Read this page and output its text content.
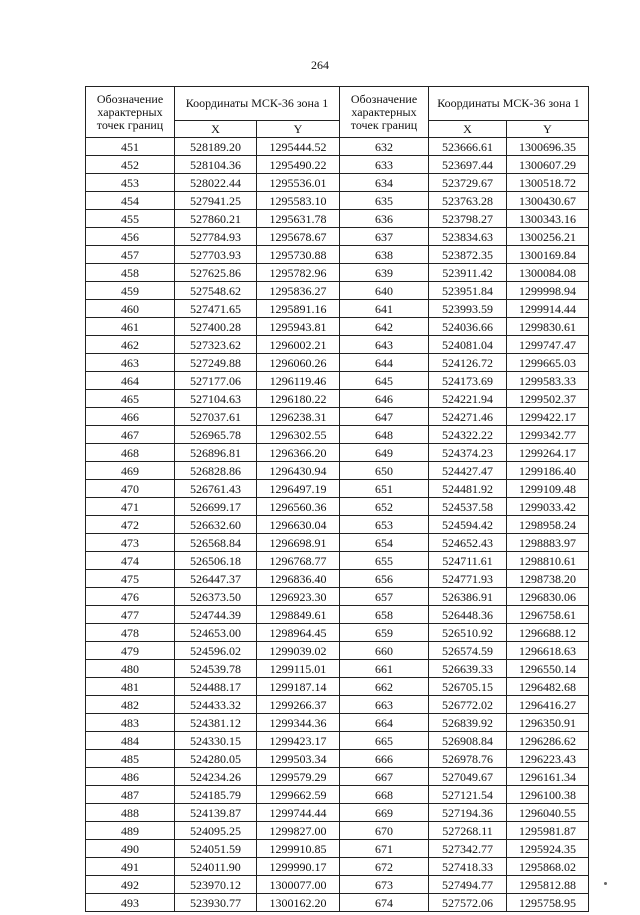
264
Обозначение характерных точек границ	Координаты МСК-36 зона 1		Обозначение характерных точек границ	Координаты МСК-36 зона 1	
	X	Y		X	Y
451	528189.20	1295444.52	632	523666.61	1300696.35
452	528104.36	1295490.22	633	523697.44	1300607.29
453	528022.44	1295536.01	634	523729.67	1300518.72
454	527941.25	1295583.10	635	523763.28	1300430.67
455	527860.21	1295631.78	636	523798.27	1300343.16
456	527784.93	1295678.67	637	523834.63	1300256.21
457	527703.93	1295730.88	638	523872.35	1300169.84
458	527625.86	1295782.96	639	523911.42	1300084.08
459	527548.62	1295836.27	640	523951.84	1299998.94
460	527471.65	1295891.16	641	523993.59	1299914.44
461	527400.28	1295943.81	642	524036.66	1299830.61
462	527323.62	1296002.21	643	524081.04	1299747.47
463	527249.88	1296060.26	644	524126.72	1299665.03
464	527177.06	1296119.46	645	524173.69	1299583.33
465	527104.63	1296180.22	646	524221.94	1299502.37
466	527037.61	1296238.31	647	524271.46	1299422.17
467	526965.78	1296302.55	648	524322.22	1299342.77
468	526896.81	1296366.20	649	524374.23	1299264.17
469	526828.86	1296430.94	650	524427.47	1299186.40
470	526761.43	1296497.19	651	524481.92	1299109.48
471	526699.17	1296560.36	652	524537.58	1299033.42
472	526632.60	1296630.04	653	524594.42	1298958.24
473	526568.84	1296698.91	654	524652.43	1298883.97
474	526506.18	1296768.77	655	524711.61	1298810.61
475	526447.37	1296836.40	656	524771.93	1298738.20
476	526373.50	1296923.30	657	526386.91	1296830.06
477	524744.39	1298849.61	658	526448.36	1296758.61
478	524653.00	1298964.45	659	526510.92	1296688.12
479	524596.02	1299039.02	660	526574.59	1296618.63
480	524539.78	1299115.01	661	526639.33	1296550.14
481	524488.17	1299187.14	662	526705.15	1296482.68
482	524433.32	1299266.37	663	526772.02	1296416.27
483	524381.12	1299344.36	664	526839.92	1296350.91
484	524330.15	1299423.17	665	526908.84	1296286.62
485	524280.05	1299503.34	666	526978.76	1296223.43
486	524234.26	1299579.29	667	527049.67	1296161.34
487	524185.79	1299662.59	668	527121.54	1296100.38
488	524139.87	1299744.44	669	527194.36	1296040.55
489	524095.25	1299827.00	670	527268.11	1295981.87
490	524051.59	1299910.85	671	527342.77	1295924.35
491	524011.90	1299990.17	672	527418.33	1295868.02
492	523970.12	1300077.00	673	527494.77	1295812.88
493	523930.77	1300162.20	674	527572.06	1295758.95
